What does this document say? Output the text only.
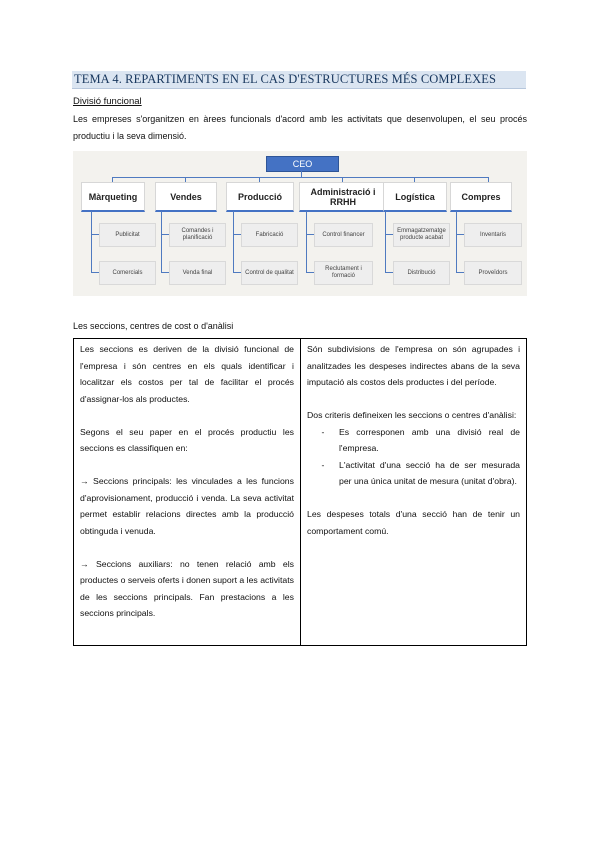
TEMA 4. REPARTIMENTS EN EL CAS D'ESTRUCTURES MÉS COMPLEXES
Divisió funcional
Les empreses s'organitzen en àrees funcionals d'acord amb les activitats que desenvolupen, el seu procés productiu i la seva dimensió.
CEO
Màrqueting	Vendes	Producció	Administració i RRHH	Logística	Compres
Publicitat
Comandes i planificació
Fabricació	Control financer
Emmagatzematge producte acabat
Inventaris
Comercials	Venda final	Control de qualitat
Reclutament i formació
Distribució	Proveïdors
Les seccions, centres de cost o d'anàlisi

Les seccions es deriven de la divisió funcional de l'empresa i són centres en els quals identificar i localitzar els costos per tal de facilitar el procés d'assignar-los als productes.

Segons el seu paper en el procés productiu les seccions es classifiquen en:

→ Seccions principals: les vinculades a les funcions d'aprovisionament, producció i venda. La seva activitat permet establir relacions directes amb la producció obtinguda i venuda.

→ Seccions auxiliars: no tenen relació amb els productes o serveis oferts i donen suport a les activitats de les seccions principals. Fan prestacions a les seccions principals.

Són subdivisions de l'empresa on són agrupades i analitzades les despeses indirectes abans de la seva imputació als costos dels productes i del període.

Dos criteris defineixen les seccions o centres d'anàlisi:

-	Es corresponen amb una divisió real de l'empresa.
-	L'activitat d'una secció ha de ser mesurada per una única unitat de mesura (unitat d'obra).

Les despeses totals d'una secció han de tenir un comportament comú.
